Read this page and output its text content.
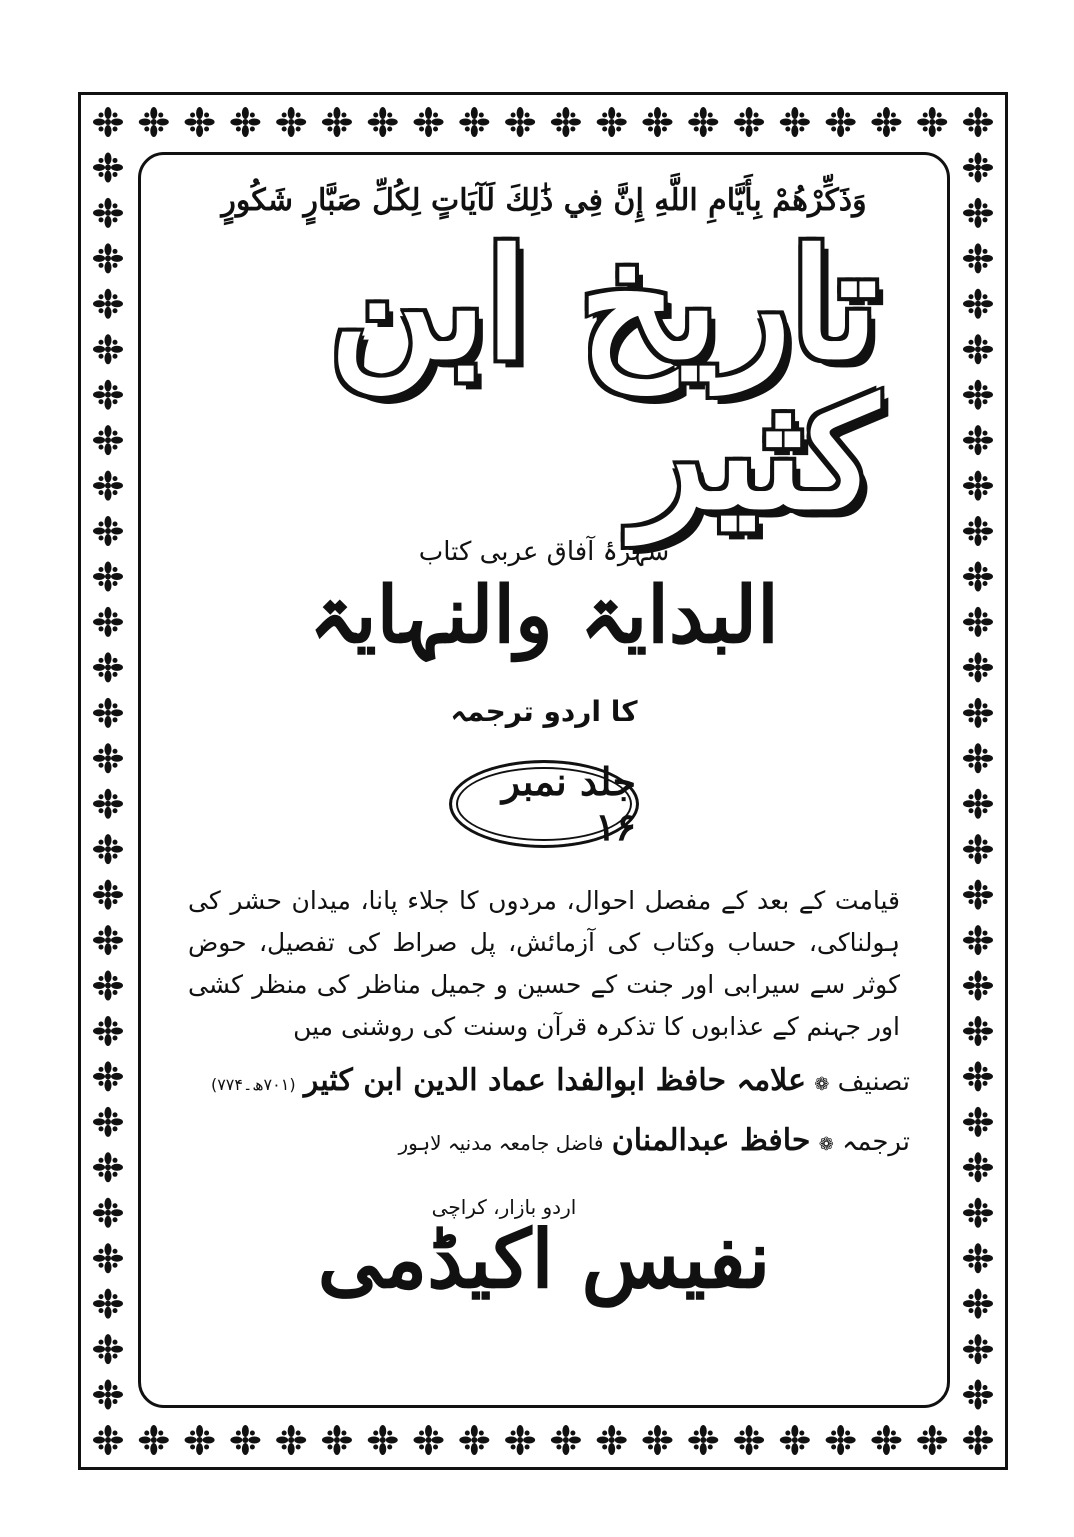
وَذَكِّرْهُمْ بِأَيَّامِ اللَّهِ إِنَّ فِي ذَٰلِكَ لَآيَاتٍ لِكُلِّ صَبَّارٍ شَكُورٍ
تاریخ ابن کثیر
شہرۂ آفاق عربی کتاب
البدایۃ والنہایۃ
کا اردو ترجمہ
جلد نمبر ۱۶
قیامت کے بعد کے مفصل احوال، مردوں کا جلاء پانا، میدان حشر کی ہولناکی، حساب وکتاب کی آزمائش، پل صراط کی تفصیل، حوض کوثر سے سیرابی اور جنت کے حسین و جمیل مناظر کی منظر کشی اور جہنم کے عذابوں کا تذکرہ قرآن وسنت کی روشنی میں
تصنیف ❁ علامہ حافظ ابوالفدا عماد الدین ابن کثیر (۷۰۱ھ۔۷۷۴)
ترجمہ ❁ حافظ عبدالمنان فاضل جامعہ مدنیہ لاہور
اردو بازار، کراچی
نفیس اکیڈمی
